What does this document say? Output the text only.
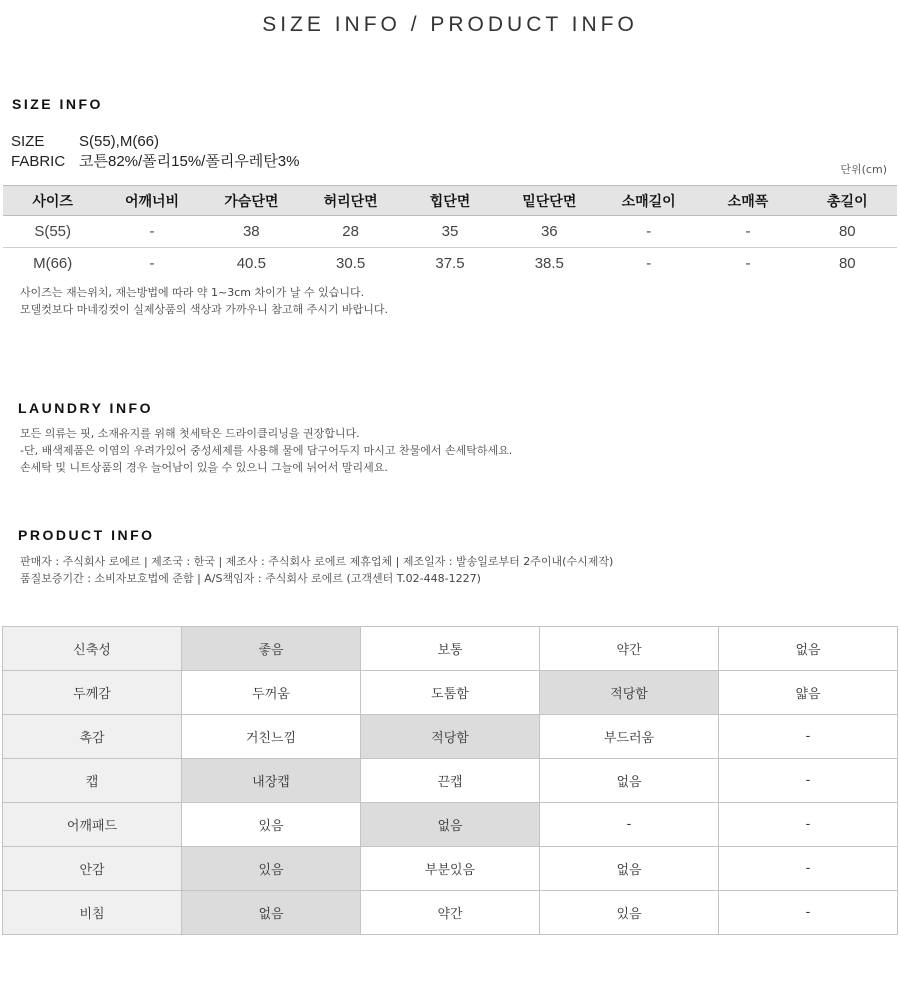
SIZE INFO / PRODUCT INFO
SIZE INFO
SIZE S(55),M(66)
FABRIC 코튼82%/폴리15%/폴리우레탄3%	단위(cm)
사이즈	어깨너비	가슴단면	허리단면	힙단면	밑단단면	소매길이	소매폭	총길이
S(55)	-	38	28	35	36	-	-	80
M(66)	-	40.5	30.5	37.5	38.5	-	-	80
사이즈는 재는위치, 재는방법에 따라 약 1~3cm 차이가 날 수 있습니다.
모델컷보다 마네킹컷이 실제상품의 색상과 가까우니 참고해 주시기 바랍니다.
LAUNDRY INFO
모든 의류는 핏, 소재유지를 위해 첫세탁은 드라이클리닝을 권장합니다.
-단, 배색제품은 이염의 우려가있어 중성세제를 사용해 물에 담구어두지 마시고 찬물에서 손세탁하세요.
손세탁 및 니트상품의 경우 늘어남이 있을 수 있으니 그늘에 뉘어서 말리세요.
PRODUCT INFO
판매자 : 주식회사 로에르 | 제조국 : 한국 | 제조사 : 주식회사 로에르 제휴업체 | 제조일자 : 발송일로부터 2주이내(수시제작)
품질보증기간 : 소비자보호법에 준함 | A/S책임자 : 주식회사 로에르 (고객센터 T.02-448-1227)
신축성	좋음	보통	약간	없음
두께감	두꺼움	도톰함	적당함	얇음
촉감	거친느낌	적당함	부드러움	-
캡	내장캡	끈캡	없음	-
어깨패드	있음	없음	-	-
안감	있음	부분있음	없음	-
비침	없음	약간	있음	-
